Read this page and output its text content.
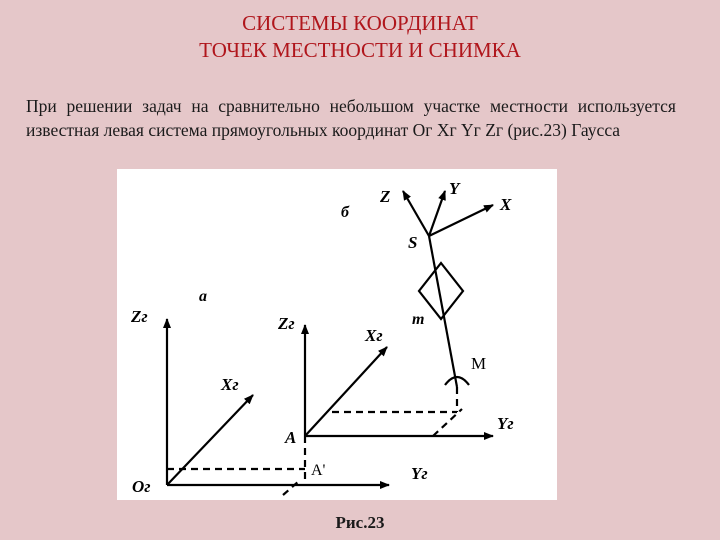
СИСТЕМЫ КООРДИНАТ
ТОЧЕК МЕСТНОСТИ И СНИМКА
При решении задач на сравнительно небольшом участке местности используется известная левая система прямоугольных координат Oг Xг Yг Zг (рис.23) Гаусса
Zг
Xг
Oг
Yг
а
Zг
Xг
A
A'
Yг
б
Z	Y
X
S
m
M
Рис.23
